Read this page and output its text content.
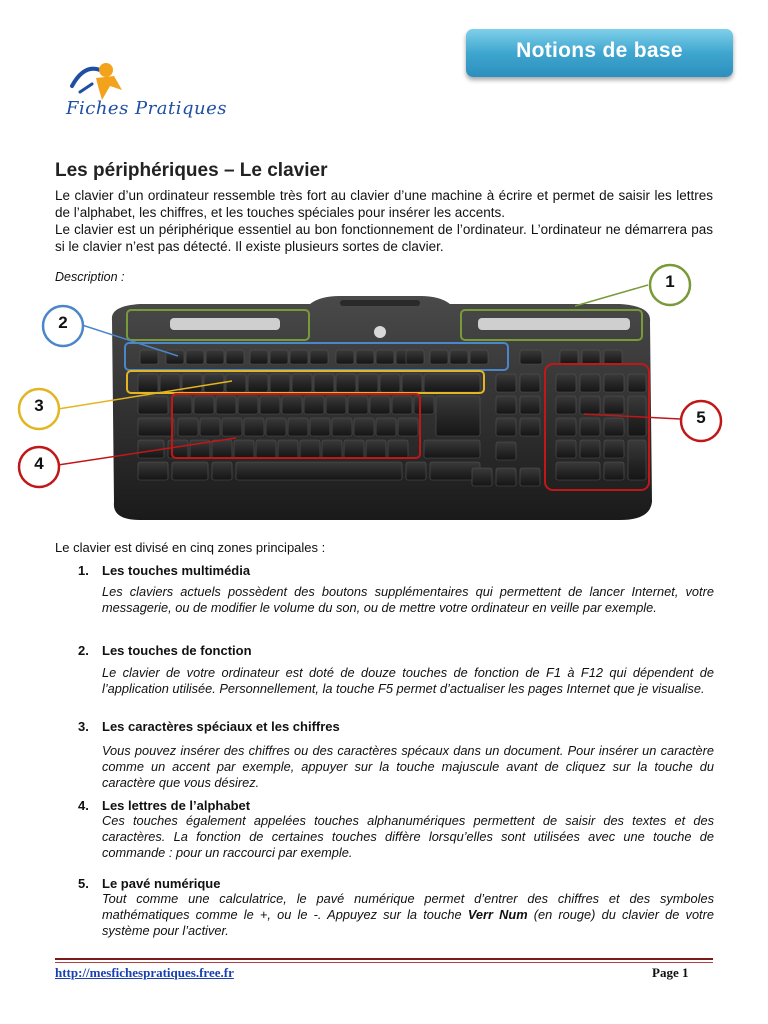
Notions de base
Fiches Pratiques
Les périphériques – Le clavier
Le clavier d’un ordinateur ressemble très fort au clavier d’une machine à écrire et permet de saisir les lettres de l’alphabet, les chiffres, et les touches spéciales pour insérer les accents.
Le clavier est un périphérique essentiel au bon fonctionnement de l’ordinateur. L’ordinateur ne démarrera pas si le clavier n’est pas détecté. Il existe plusieurs sortes de clavier.
Description :	1
2
3
4
5
Le clavier est divisé en cinq zones principales :
1. Les touches multimédia
Les claviers actuels possèdent des boutons supplémentaires qui permettent de lancer Internet, votre messagerie, ou de modifier le volume du son, ou de mettre votre ordinateur en veille par exemple.
2. Les touches de fonction
Le clavier de votre ordinateur est doté de douze touches de fonction de F1 à F12 qui dépendent de l’application utilisée. Personnellement, la touche F5 permet d’actualiser les pages Internet que je visualise.
3. Les caractères spéciaux et les chiffres
Vous pouvez insérer des chiffres ou des caractères spécaux dans un document. Pour insérer un caractère comme un accent par exemple, appuyer sur la touche majuscule avant de cliquez sur la touche du caractère que vous désirez.
4. Les lettres de l’alphabet
Ces touches également appelées touches alphanumériques permettent de saisir des textes et des caractères. La fonction de certaines touches diffère lorsqu’elles sont utilisées avec une touche de commande : pour un raccourci par exemple.
5. Le pavé numérique
Tout comme une calculatrice, le pavé numérique permet d’entrer des chiffres et des symboles mathématiques comme le +, ou le -. Appuyez sur la touche Verr Num (en rouge) du clavier de votre système pour l’activer.
http://mesfichespratiques.free.fr	Page 1
